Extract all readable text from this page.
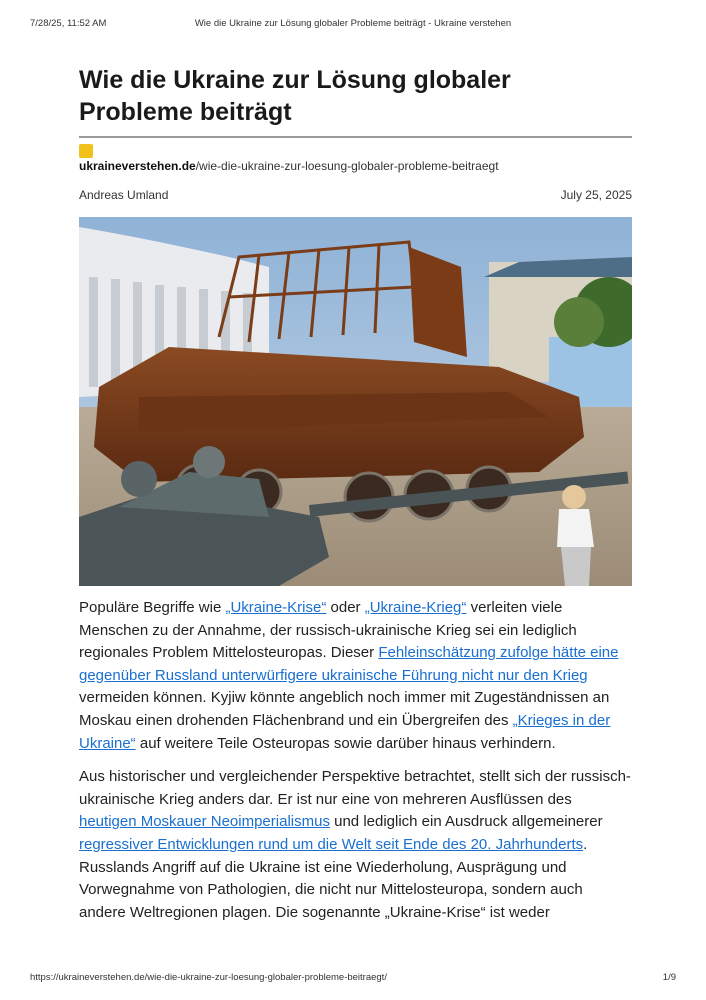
7/28/25, 11:52 AM	Wie die Ukraine zur Lösung globaler Probleme beiträgt - Ukraine verstehen
Wie die Ukraine zur Lösung globaler Probleme beiträgt
ukraineverstehen.de/wie-die-ukraine-zur-loesung-globaler-probleme-beitraegt
Andreas Umland	July 25, 2025

Populäre Begriffe wie „Ukraine-Krise“ oder „Ukraine-Krieg“ verleiten viele Menschen zu der Annahme, der russisch-ukrainische Krieg sei ein lediglich regionales Problem Mittelosteuropas. Dieser Fehleinschätzung zufolge hätte eine gegenüber Russland unterwürfigere ukrainische Führung nicht nur den Krieg vermeiden können. Kyjiw könnte angeblich noch immer mit Zugeständnissen an Moskau einen drohenden Flächenbrand und ein Übergreifen des „Krieges in der Ukraine“ auf weitere Teile Osteuropas sowie darüber hinaus verhindern.

Aus historischer und vergleichender Perspektive betrachtet, stellt sich der russisch-ukrainische Krieg anders dar. Er ist nur eine von mehreren Ausflüssen des heutigen Moskauer Neoimperialismus und lediglich ein Ausdruck allgemeinerer regressiver Entwicklungen rund um die Welt seit Ende des 20. Jahrhunderts. Russlands Angriff auf die Ukraine ist eine Wiederholung, Ausprägung und Vorwegnahme von Pathologien, die nicht nur Mittelosteuropa, sondern auch andere Weltregionen plagen. Die sogenannte „Ukraine-Krise“ ist weder

https://ukraineverstehen.de/wie-die-ukraine-zur-loesung-globaler-probleme-beitraegt/	1/9
